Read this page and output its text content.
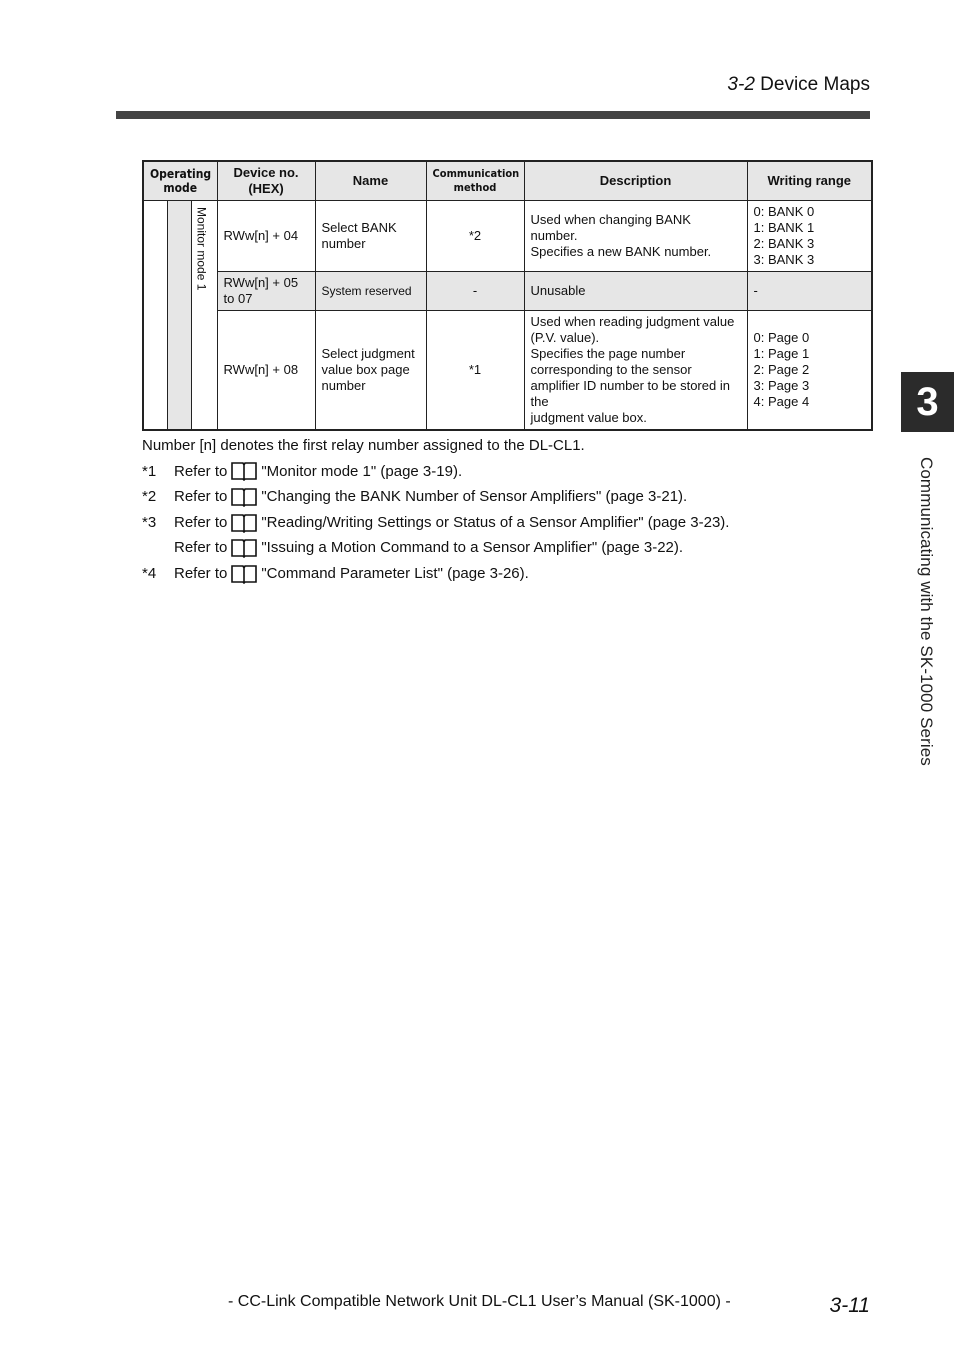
3-2 Device Maps
3
Communicating with the SK-1000 Series
Operating mode			Device no. (HEX)	Name	Communication method	Description	Writing range

		Monitor mode 1	RWw[n] + 04	Select BANK number	*2	Used when changing BANK number.
Specifies a new BANK number.	0: BANK 0
1: BANK 1
2: BANK 3
3: BANK 3
			RWw[n] + 05 to 07	System reserved	-	Unusable	-
			RWw[n] + 08	Select judgment value box page number	*1	Used when reading judgment value (P.V. value).
Specifies the page number corresponding to the sensor amplifier ID number to be stored in the
judgment value box.	0: Page 0
1: Page 1
2: Page 2
3: Page 3
4: Page 4
Number [n] denotes the first relay number assigned to the DL-CL1.
*1	Refer to "Monitor mode 1" (page 3-19).
*2	Refer to "Changing the BANK Number of Sensor Amplifiers" (page 3-21).
*3	Refer to "Reading/Writing Settings or Status of a Sensor Amplifier" (page 3-23).
Refer to "Issuing a Motion Command to a Sensor Amplifier" (page 3-22).
*4	Refer to "Command Parameter List" (page 3-26).
- CC-Link Compatible Network Unit DL-CL1 User’s Manual (SK-1000) -	3-11
